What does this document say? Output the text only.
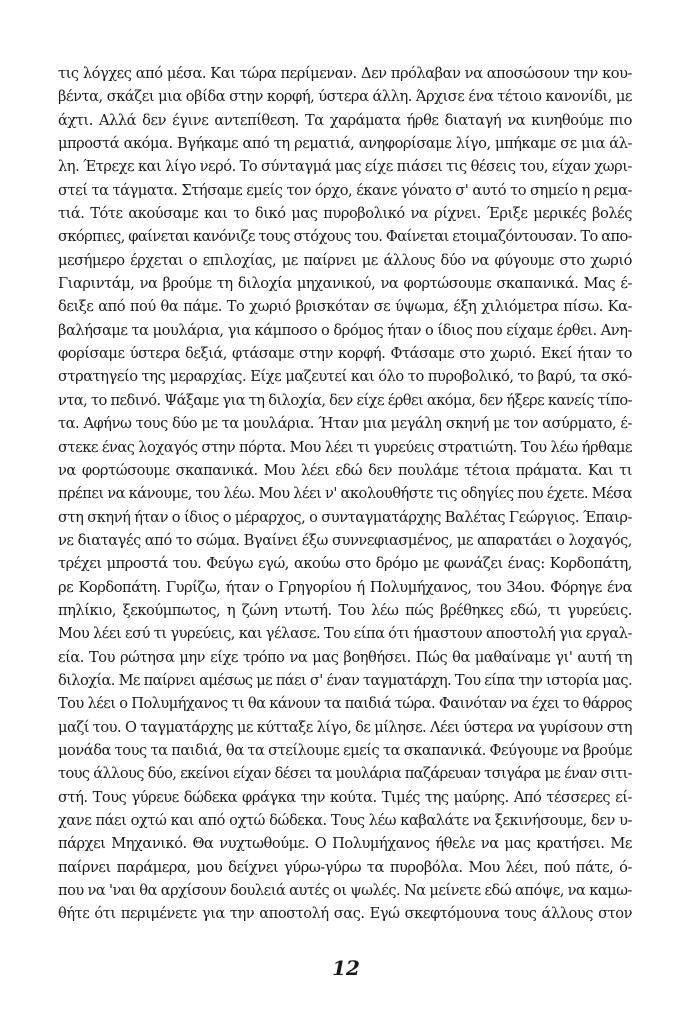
τις λόγχες από μέσα. Και τώρα περίμεναν. Δεν πρόλαβαν να αποσώσουν την κου-
βέντα, σκάζει μια οβίδα στην κορφή, ύστερα άλλη. Άρχισε ένα τέτοιο κανονίδι, με
άχτι. Αλλά δεν έγινε αντεπίθεση. Τα χαράματα ήρθε διαταγή να κινηθούμε πιο
μπροστά ακόμα. Βγήκαμε από τη ρεματιά, ανηφορίσαμε λίγο, μπήκαμε σε μια άλ-
λη. Έτρεχε και λίγο νερό. Το σύνταγμά μας είχε πιάσει τις θέσεις του, είχαν χωρι-
στεί τα τάγματα. Στήσαμε εμείς τον όρχο, έκανε γόνατο σ' αυτό το σημείο η ρεμα-
τιά. Τότε ακούσαμε και το δικό μας πυροβολικό να ρίχνει. Έριξε μερικές βολές
σκόρπιες, φαίνεται κανόνιζε τους στόχους του. Φαίνεται ετοιμαζόντουσαν. Το απο-
μεσήμερο έρχεται ο επιλοχίας, με παίρνει με άλλους δύο να φύγουμε στο χωριό
Γιαριντάμ, να βρούμε τη διλοχία μηχανικού, να φορτώσουμε σκαπανικά. Μας έ-
δειξε από πού θα πάμε. Το χωριό βρισκόταν σε ύψωμα, έξη χιλιόμετρα πίσω. Κα-
βαλήσαμε τα μουλάρια, για κάμποσο ο δρόμος ήταν ο ίδιος που είχαμε έρθει. Ανη-
φορίσαμε ύστερα δεξιά, φτάσαμε στην κορφή. Φτάσαμε στο χωριό. Εκεί ήταν το
στρατηγείο της μεραρχίας. Είχε μαζευτεί και όλο το πυροβολικό, το βαρύ, τα σκό-
ντα, το πεδινό. Ψάξαμε για τη διλοχία, δεν είχε έρθει ακόμα, δεν ήξερε κανείς τίπο-
τα. Αφήνω τους δύο με τα μουλάρια. Ήταν μια μεγάλη σκηνή με τον ασύρματο, έ-
στεκε ένας λοχαγός στην πόρτα. Μου λέει τι γυρεύεις στρατιώτη. Του λέω ήρθαμε
να φορτώσουμε σκαπανικά. Μου λέει εδώ δεν πουλάμε τέτοια πράματα. Και τι
πρέπει να κάνουμε, του λέω. Μου λέει ν' ακολουθήστε τις οδηγίες που έχετε. Μέσα
στη σκηνή ήταν ο ίδιος ο μέραρχος, ο συνταγματάρχης Βαλέτας Γεώργιος. Έπαιρ-
νε διαταγές από το σώμα. Βγαίνει έξω συννεφιασμένος, με απαρατάει ο λοχαγός,
τρέχει μπροστά του. Φεύγω εγώ, ακούω στο δρόμο με φωνάζει ένας: Κορδοπάτη,
ρε Κορδοπάτη. Γυρίζω, ήταν ο Γρηγορίου ή Πολυμήχανος, του 34ου. Φόρηγε ένα
πηλίκιο, ξεκούμπωτος, η ζώνη ντωτή. Του λέω πώς βρέθηκες εδώ, τι γυρεύεις.
Μου λέει εσύ τι γυρεύεις, και γέλασε. Του είπα ότι ήμαστουν αποστολή για εργαλ-
εία. Του ρώτησα μην είχε τρόπο να μας βοηθήσει. Πώς θα μαθαίναμε γι' αυτή τη
διλοχία. Με παίρνει αμέσως με πάει σ' έναν ταγματάρχη. Του είπα την ιστορία μας.
Του λέει ο Πολυμήχανος τι θα κάνουν τα παιδιά τώρα. Φαινόταν να έχει το θάρρος
μαζί του. Ο ταγματάρχης με κύτταξε λίγο, δε μίλησε. Λέει ύστερα να γυρίσουν στη
μονάδα τους τα παιδιά, θα τα στείλουμε εμείς τα σκαπανικά. Φεύγουμε να βρούμε
τους άλλους δύο, εκείνοι είχαν δέσει τα μουλάρια παζάρευαν τσιγάρα με έναν σιτι-
στή. Τους γύρευε δώδεκα φράγκα την κούτα. Τιμές της μαύρης. Από τέσσερες εί-
χανε πάει οχτώ και από οχτώ δώδεκα. Τους λέω καβαλάτε να ξεκινήσουμε, δεν υ-
πάρχει Μηχανικό. Θα νυχτωθούμε. Ο Πολυμήχανος ήθελε να μας κρατήσει. Με
παίρνει παράμερα, μου δείχνει γύρω-γύρω τα πυροβόλα. Μου λέει, πού πάτε, ό-
που να 'ναι θα αρχίσουν δουλειά αυτές οι ψωλές. Να μείνετε εδώ απόψε, να καμω-
θήτε ότι περιμένετε για την αποστολή σας. Εγώ σκεφτόμουνα τους άλλους στον
12
